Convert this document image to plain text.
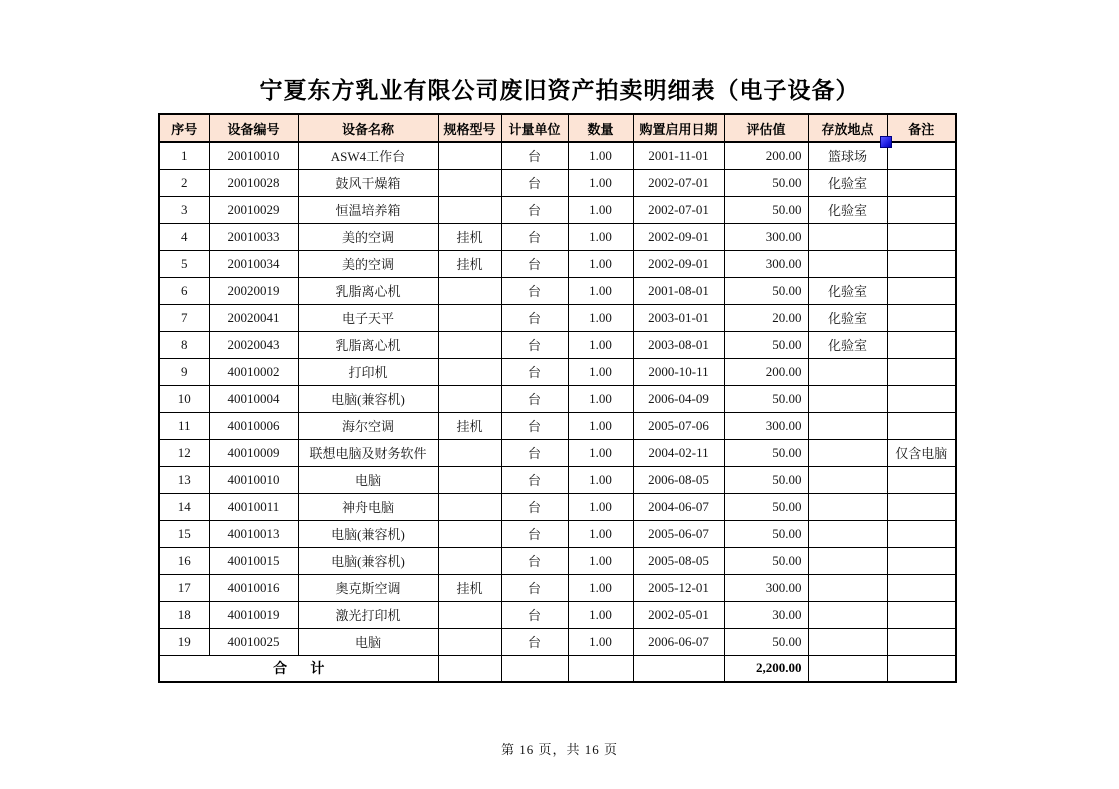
宁夏东方乳业有限公司废旧资产拍卖明细表（电子设备）
序号	设备编号	设备名称	规格型号	计量单位	数量	购置启用日期	评估值	存放地点	备注
1	20010010	ASW4工作台		台	1.00	2001-11-01	200.00	篮球场	
2	20010028	鼓风干燥箱		台	1.00	2002-07-01	50.00	化验室	
3	20010029	恒温培养箱		台	1.00	2002-07-01	50.00	化验室	
4	20010033	美的空调	挂机	台	1.00	2002-09-01	300.00		
5	20010034	美的空调	挂机	台	1.00	2002-09-01	300.00		
6	20020019	乳脂离心机		台	1.00	2001-08-01	50.00	化验室	
7	20020041	电子天平		台	1.00	2003-01-01	20.00	化验室	
8	20020043	乳脂离心机		台	1.00	2003-08-01	50.00	化验室	
9	40010002	打印机		台	1.00	2000-10-11	200.00		
10	40010004	电脑(兼容机)		台	1.00	2006-04-09	50.00		
11	40010006	海尔空调	挂机	台	1.00	2005-07-06	300.00		
12	40010009	联想电脑及财务软件		台	1.00	2004-02-11	50.00		仅含电脑
13	40010010	电脑		台	1.00	2006-08-05	50.00		
14	40010011	神舟电脑		台	1.00	2004-06-07	50.00		
15	40010013	电脑(兼容机)		台	1.00	2005-06-07	50.00		
16	40010015	电脑(兼容机)		台	1.00	2005-08-05	50.00		
17	40010016	奥克斯空调	挂机	台	1.00	2005-12-01	300.00		
18	40010019	激光打印机		台	1.00	2002-05-01	30.00		
19	40010025	电脑		台	1.00	2006-06-07	50.00		
合      计							2,200.00		
第 16 页，共 16 页
